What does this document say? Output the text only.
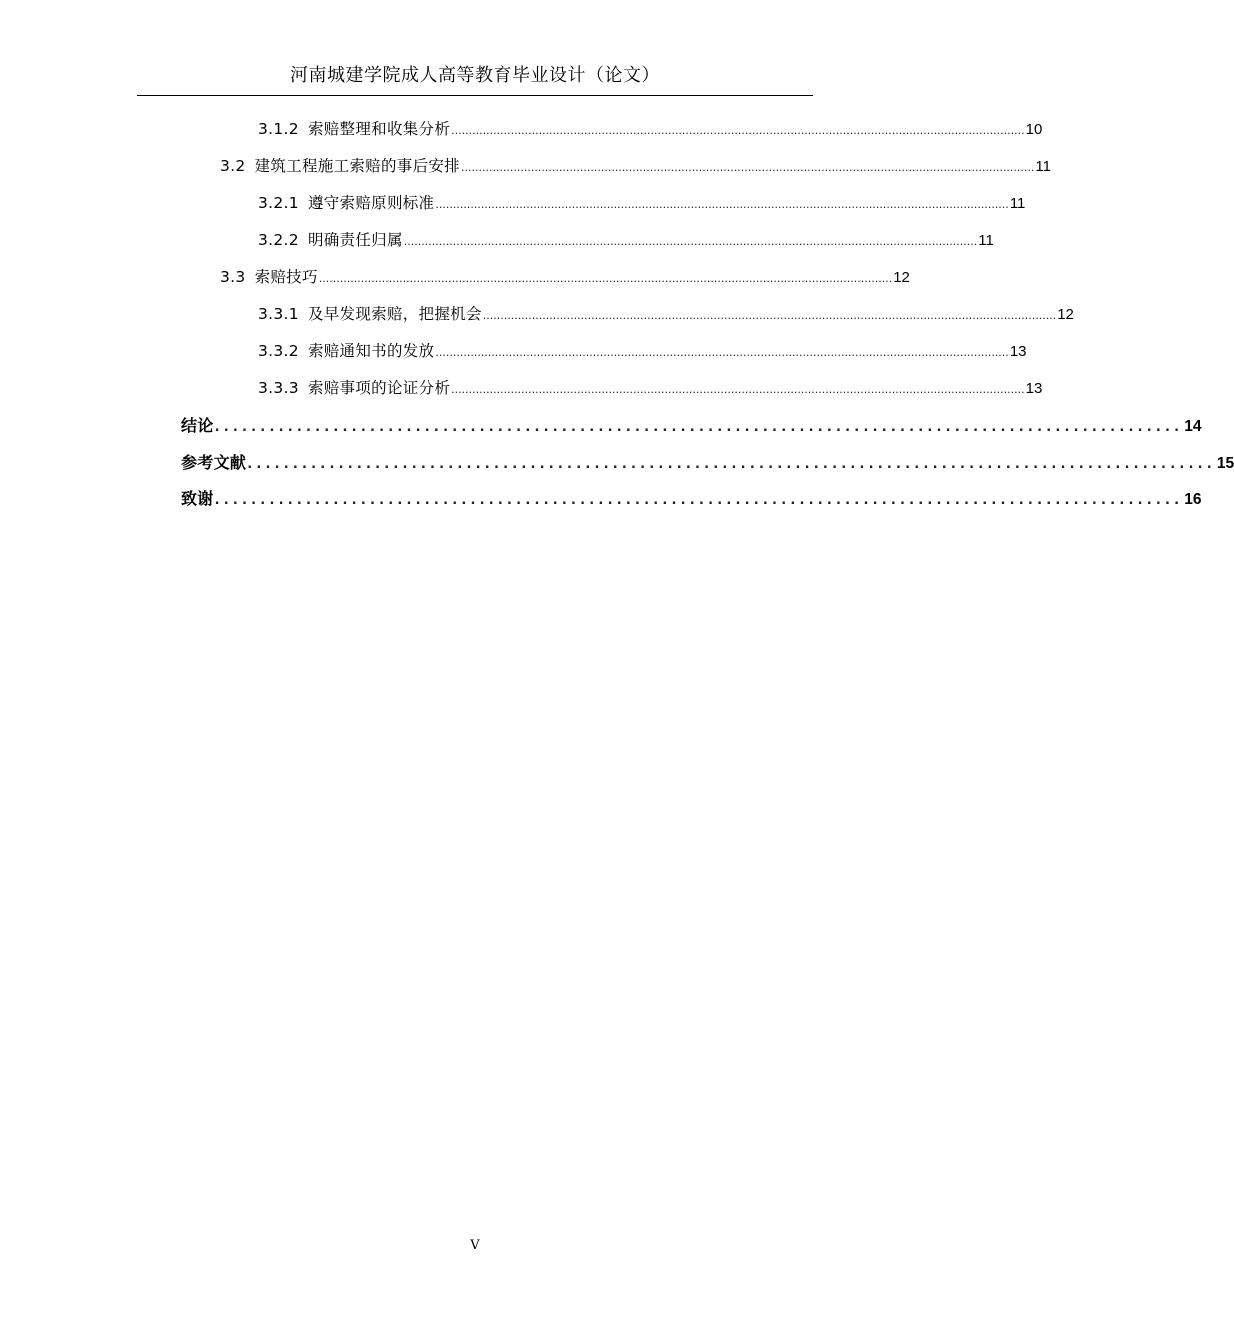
河南城建学院成人高等教育毕业设计（论文）
3.1.2 索赔整理和收集分析 .................................................................................................................................................................... 10
3.2 建筑工程施工索赔的事后安排 .................................................................................................................................................................... 11
3.2.1 遵守索赔原则标准 .................................................................................................................................................................... 11
3.2.2 明确责任归属 .................................................................................................................................................................... 11
3.3 索赔技巧 .................................................................................................................................................................... 12
3.3.1 及早发现索赔，把握机会 .................................................................................................................................................................... 12
3.3.2 索赔通知书的发放 .................................................................................................................................................................... 13
3.3.3 索赔事项的论证分析 .................................................................................................................................................................... 13
结论 .......................................................................................................... 14
参考文献 .......................................................................................................... 15
致谢 .......................................................................................................... 16
V
